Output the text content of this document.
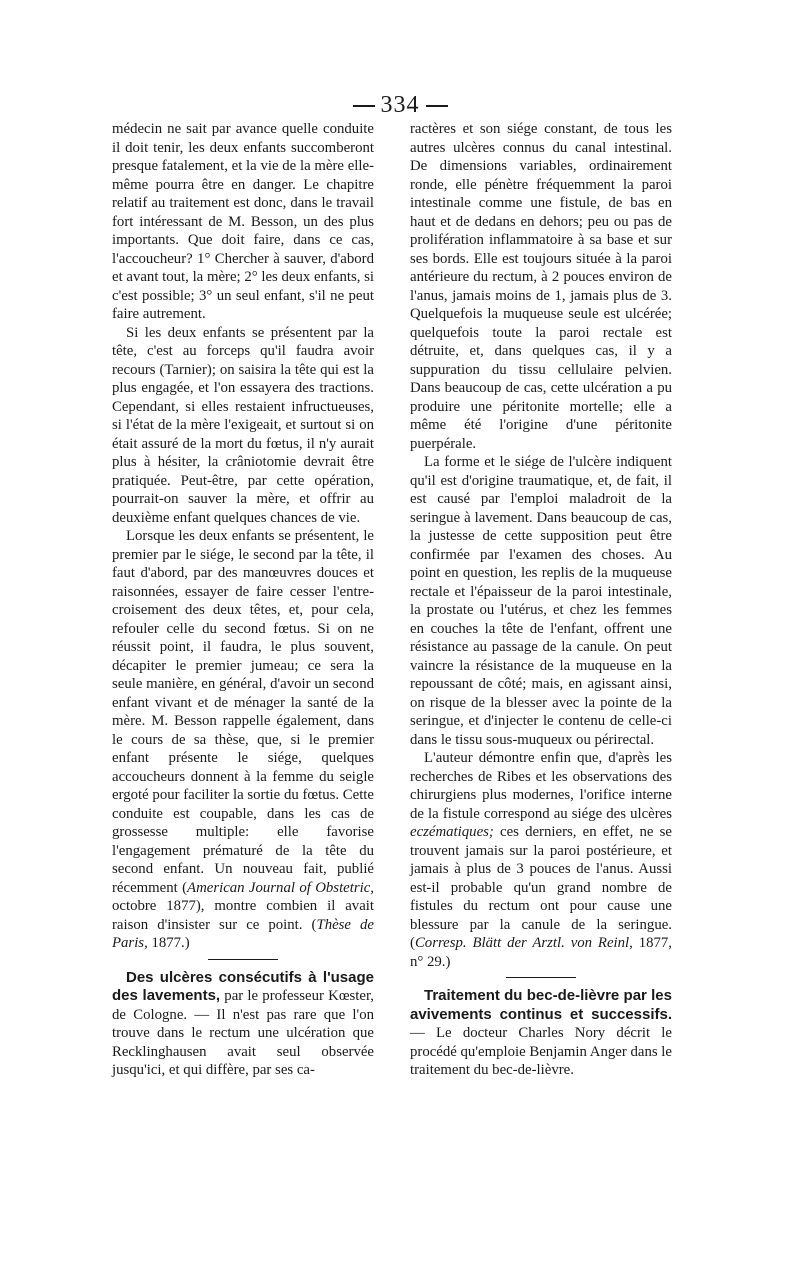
334

médecin ne sait par avance quelle conduite il doit tenir, les deux enfants succomberont presque fatalement, et la vie de la mère elle-même pourra être en danger. Le chapitre relatif au traitement est donc, dans le travail fort intéressant de M. Besson, un des plus importants. Que doit faire, dans ce cas, l'accoucheur? 1° Chercher à sauver, d'abord et avant tout, la mère; 2° les deux enfants, si c'est possible; 3° un seul enfant, s'il ne peut faire autrement.

Si les deux enfants se présentent par la tête, c'est au forceps qu'il faudra avoir recours (Tarnier); on saisira la tête qui est la plus engagée, et l'on essayera des tractions. Cependant, si elles restaient infructueuses, si l'état de la mère l'exigeait, et surtout si on était assuré de la mort du fœtus, il n'y aurait plus à hésiter, la crâniotomie devrait être pratiquée. Peut-être, par cette opération, pourrait-on sauver la mère, et offrir au deuxième enfant quelques chances de vie.

Lorsque les deux enfants se présentent, le premier par le siége, le second par la tête, il faut d'abord, par des manœuvres douces et raisonnées, essayer de faire cesser l'entre-croisement des deux têtes, et, pour cela, refouler celle du second fœtus. Si on ne réussit point, il faudra, le plus souvent, décapiter le premier jumeau; ce sera la seule manière, en général, d'avoir un second enfant vivant et de ménager la santé de la mère. M. Besson rappelle également, dans le cours de sa thèse, que, si le premier enfant présente le siége, quelques accoucheurs donnent à la femme du seigle ergoté pour faciliter la sortie du fœtus. Cette conduite est coupable, dans les cas de grossesse multiple: elle favorise l'engagement prématuré de la tête du second enfant. Un nouveau fait, publié récemment (American Journal of Obstetric, octobre 1877), montre combien il avait raison d'insister sur ce point. (Thèse de Paris, 1877.)

Des ulcères consécutifs à l'usage des lavements, par le professeur Kœster, de Cologne. — Il n'est pas rare que l'on trouve dans le rectum une ulcération que Recklinghausen avait seul observée jusqu'ici, et qui diffère, par ses ca-

ractères et son siége constant, de tous les autres ulcères connus du canal intestinal. De dimensions variables, ordinairement ronde, elle pénètre fréquemment la paroi intestinale comme une fistule, de bas en haut et de dedans en dehors; peu ou pas de prolifération inflammatoire à sa base et sur ses bords. Elle est toujours située à la paroi antérieure du rectum, à 2 pouces environ de l'anus, jamais moins de 1, jamais plus de 3. Quelquefois la muqueuse seule est ulcérée; quelquefois toute la paroi rectale est détruite, et, dans quelques cas, il y a suppuration du tissu cellulaire pelvien. Dans beaucoup de cas, cette ulcération a pu produire une péritonite mortelle; elle a même été l'origine d'une péritonite puerpérale.

La forme et le siége de l'ulcère indiquent qu'il est d'origine traumatique, et, de fait, il est causé par l'emploi maladroit de la seringue à lavement. Dans beaucoup de cas, la justesse de cette supposition peut être confirmée par l'examen des choses. Au point en question, les replis de la muqueuse rectale et l'épaisseur de la paroi intestinale, la prostate ou l'utérus, et chez les femmes en couches la tête de l'enfant, offrent une résistance au passage de la canule. On peut vaincre la résistance de la muqueuse en la repoussant de côté; mais, en agissant ainsi, on risque de la blesser avec la pointe de la seringue, et d'injecter le contenu de celle-ci dans le tissu sous-muqueux ou périrectal.

L'auteur démontre enfin que, d'après les recherches de Ribes et les observations des chirurgiens plus modernes, l'orifice interne de la fistule correspond au siége des ulcères eczématiques; ces derniers, en effet, ne se trouvent jamais sur la paroi postérieure, et jamais à plus de 3 pouces de l'anus. Aussi est-il probable qu'un grand nombre de fistules du rectum ont pour cause une blessure par la canule de la seringue. (Corresp. Blätt der Arztl. von Reinl, 1877, n° 29.)

Traitement du bec-de-lièvre par les avivements continus et successifs. — Le docteur Charles Nory décrit le procédé qu'emploie Benjamin Anger dans le traitement du bec-de-lièvre.
